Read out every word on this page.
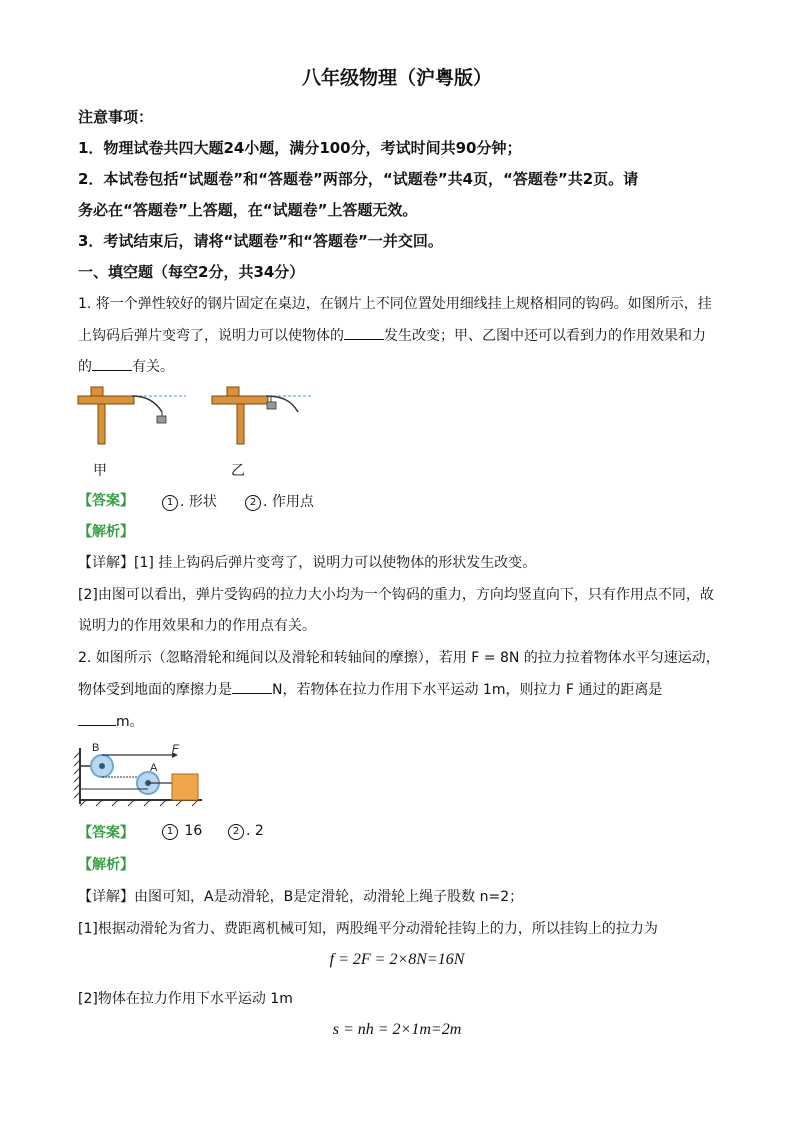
八年级物理（沪粤版）
注意事项：
1．物理试卷共四大题24小题，满分100分，考试时间共90分钟；
2．本试卷包括“试题卷”和“答题卷”两部分，“试题卷”共4页，“答题卷”共2页。请
务必在“答题卷”上答题，在“试题卷”上答题无效。
3．考试结束后，请将“试题卷”和“答题卷”一并交回。
一、填空题（每空2分，共34分）
1. 将一个弹性较好的钢片固定在桌边，在钢片上不同位置处用细线挂上规格相同的钩码。如图所示，挂
上钩码后弹片变弯了，说明力可以使物体的	发生改变；甲、乙图中还可以看到力的作用效果和力
的	有关。
甲	乙
【答案】	1 . 形状	2 . 作用点
【解析】
【详解】[1] 挂上钩码后弹片变弯了，说明力可以使物体的形状发生改变。
[2]由图可以看出，弹片受钩码的拉力大小均为一个钩码的重力，方向均竖直向下，只有作用点不同，故
说明力的作用效果和力的作用点有关。
2. 如图所示（忽略滑轮和绳间以及滑轮和转轴间的摩擦），若用 F = 8N 的拉力拉着物体水平匀速运动，
物体受到地面的摩擦力是	N，若物体在拉力作用下水平运动 1m，则拉力 F 通过的距离是
m。
B
A
F
【答案】	1 16	2 . 2
【解析】
【详解】由图可知，A是动滑轮，B是定滑轮，动滑轮上绳子股数 n=2；
[1]根据动滑轮为省力、费距离机械可知，两股绳平分动滑轮挂钩上的力，所以挂钩上的拉力为
f = 2F = 2×8N=16N
[2]物体在拉力作用下水平运动 1m
s = nh = 2×1m=2m
